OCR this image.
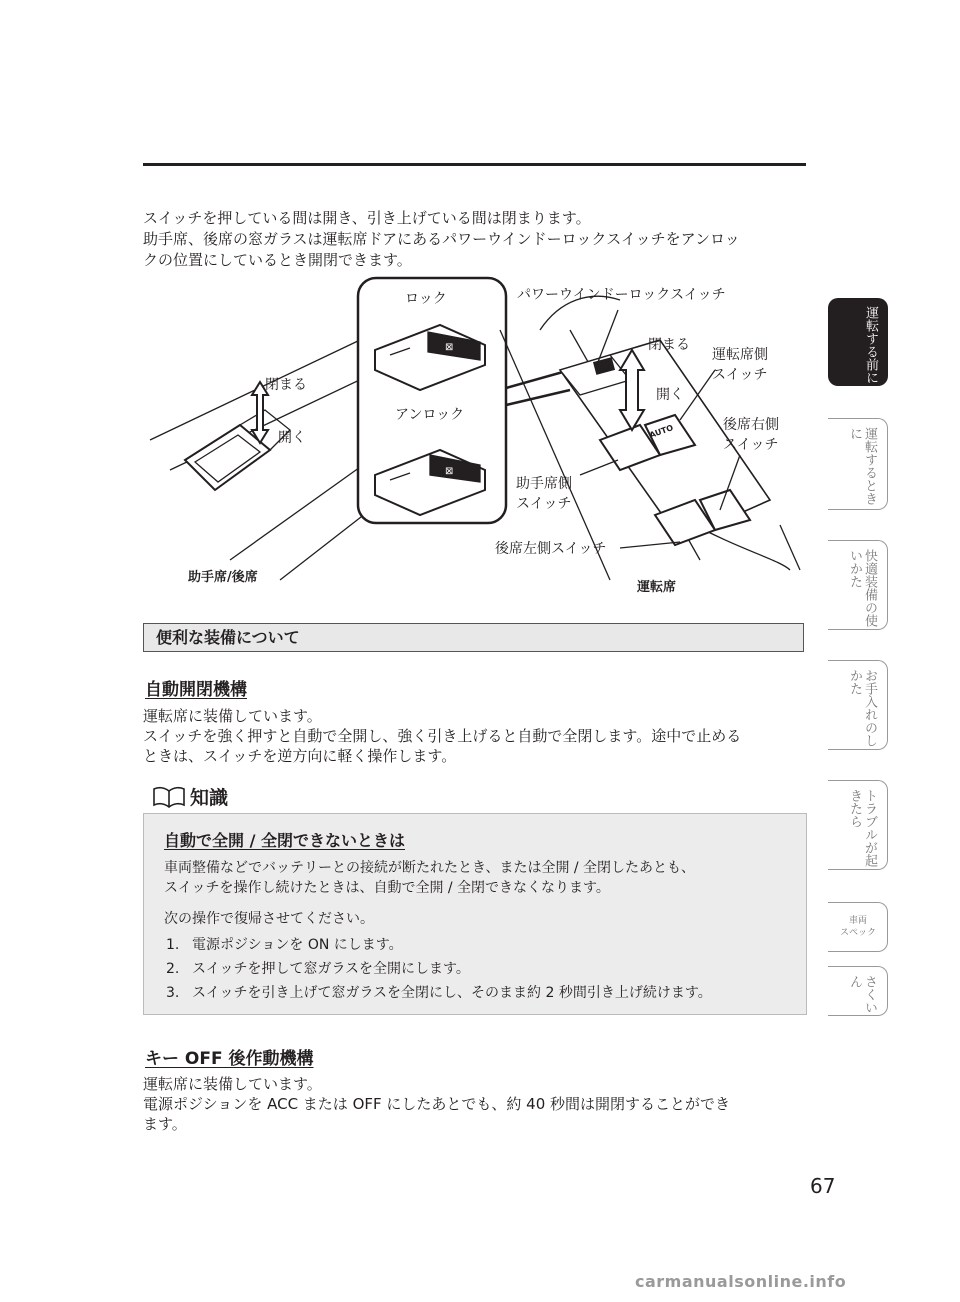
スイッチを押している間は開き、引き上げている間は閉まります。

助手席、後席の窓ガラスは運転席ドアにあるパワーウインドーロックスイッチをアンロッ

クの位置にしているとき開閉できます。

⊠
⊠
ロック
アンロック
パワーウインドーロックスイッチ
閉まる
開く
閉まる
開く
運転席側
スイッチ
後席右側
スイッチ
助手席側
スイッチ
後席左側スイッチ
AUTO
助手席/後席
運転席
便利な装備について
自動開閉機構

運転席に装備しています。

スイッチを強く押すと自動で全開し、強く引き上げると自動で全閉します。途中で止める

ときは、スイッチを逆方向に軽く操作します。

知識
自動で全開 / 全閉できないときは

車両整備などでバッテリーとの接続が断たれたとき、または全開 / 全閉したあとも、

スイッチを操作し続けたときは、自動で全開 / 全閉できなくなります。

次の操作で復帰させてください。
1. 電源ポジションを ON にします。
2. スイッチを押して窓ガラスを全開にします。
3. スイッチを引き上げて窓ガラスを全閉にし、そのまま約 2 秒間引き上げ続けます。
キー OFF 後作動機構

運転席に装備しています。

電源ポジションを ACC または OFF にしたあとでも、約 40 秒間は開閉することができ

ます。

運転する前に
運転するときに
快適装備の使いかた
お手入れのしかた
トラブルが起きたら
車両
スペック
さくいん
67
carmanualsonline.info
